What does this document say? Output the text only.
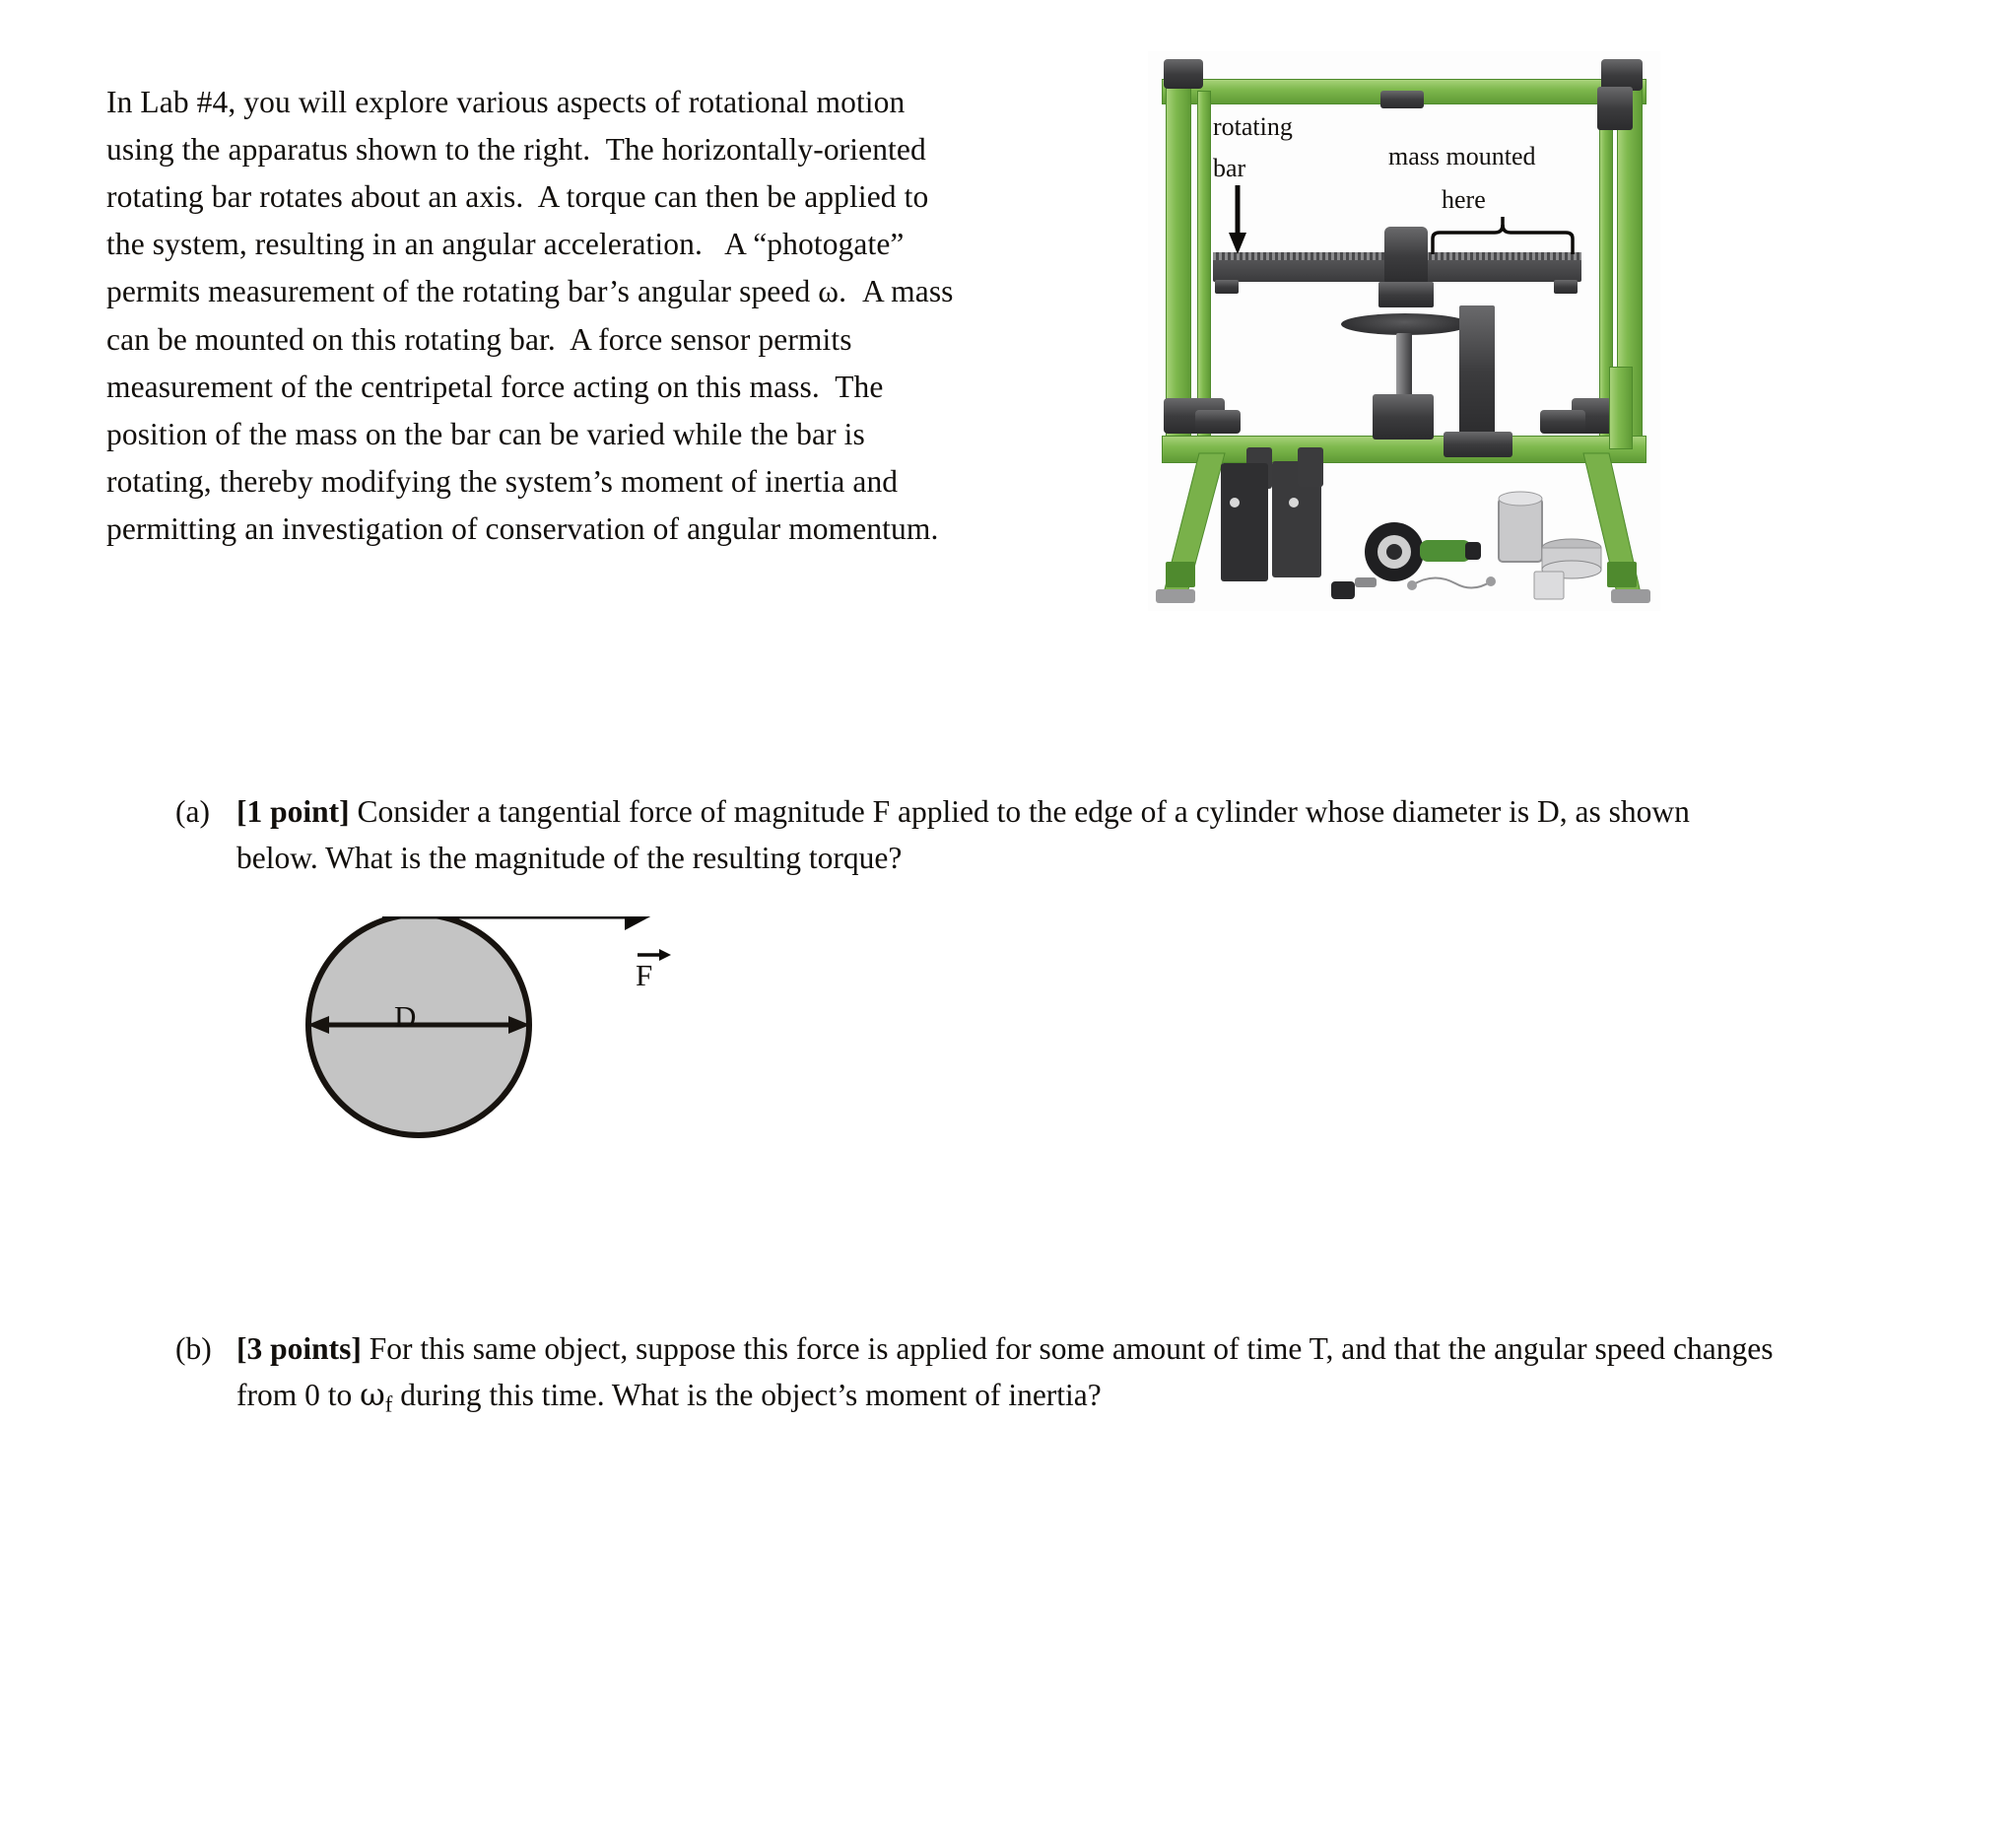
In Lab #4, you will explore various aspects of rotational motion using the apparatus shown to the right.  The horizontally-oriented rotating bar rotates about an axis.  A torque can then be applied to the system, resulting in an angular acceleration.   A “photogate” permits measurement of the rotating bar’s angular speed ω.  A mass can be mounted on this rotating bar.  A force sensor permits measurement of the centripetal force acting on this mass.  The position of the mass on the bar can be varied while the bar is rotating, thereby modifying the system’s moment of inertia and permitting an investigation of conservation of angular momentum.

rotating
bar	mass mounted
here
(a) [1 point] Consider a tangential force of magnitude F applied to the edge of a cylinder whose diameter is D, as shown below. What is the magnitude of the resulting torque?
D
F
(b) [3 points] For this same object, suppose this force is applied for some amount of time T, and that the angular speed changes from 0 to $\omega_f$ during this time. What is the object’s moment of inertia?
